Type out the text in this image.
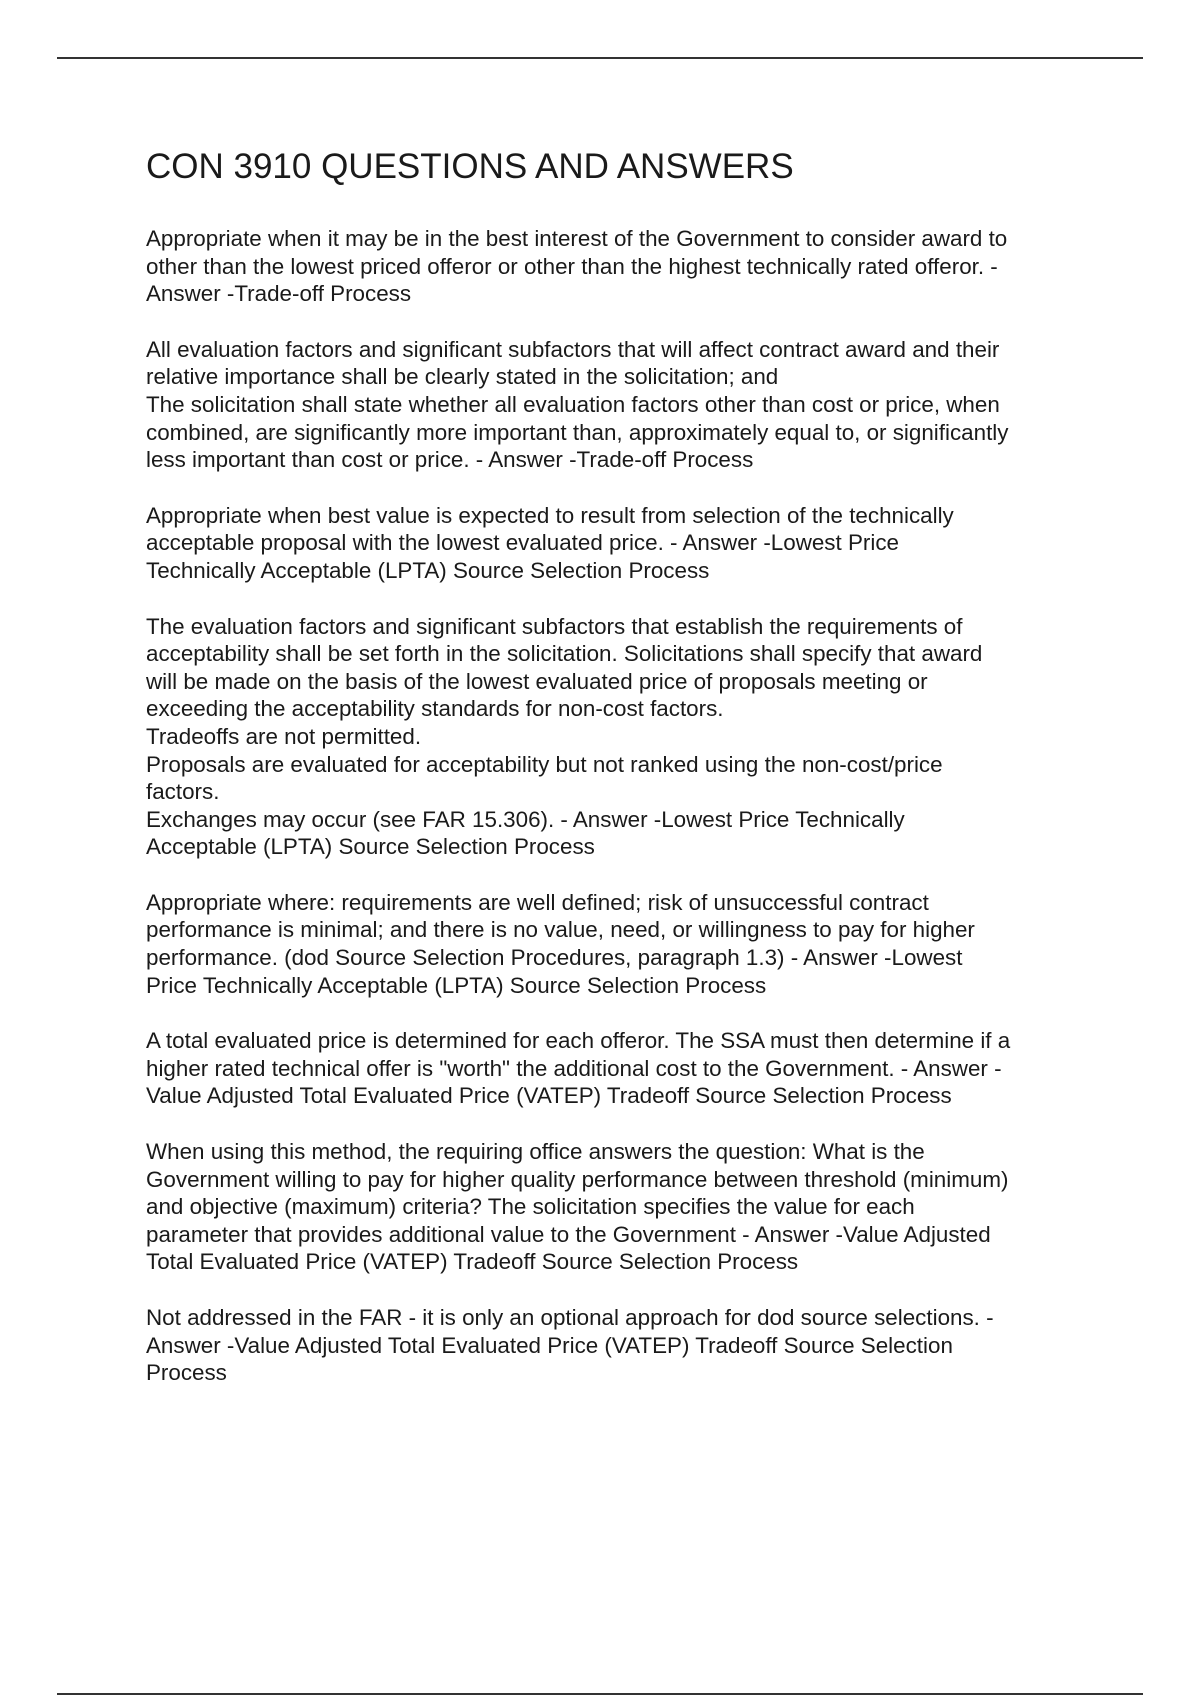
CON 3910 QUESTIONS AND ANSWERS

Appropriate when it may be in the best interest of the Government to consider award to
other than the lowest priced offeror or other than the highest technically rated offeror. -
Answer -Trade-off Process

All evaluation factors and significant subfactors that will affect contract award and their
relative importance shall be clearly stated in the solicitation; and
The solicitation shall state whether all evaluation factors other than cost or price, when
combined, are significantly more important than, approximately equal to, or significantly
less important than cost or price. - Answer -Trade-off Process

Appropriate when best value is expected to result from selection of the technically
acceptable proposal with the lowest evaluated price. - Answer -Lowest Price
Technically Acceptable (LPTA) Source Selection Process

The evaluation factors and significant subfactors that establish the requirements of
acceptability shall be set forth in the solicitation. Solicitations shall specify that award
will be made on the basis of the lowest evaluated price of proposals meeting or
exceeding the acceptability standards for non-cost factors.
Tradeoffs are not permitted.
Proposals are evaluated for acceptability but not ranked using the non-cost/price
factors.
Exchanges may occur (see FAR 15.306). - Answer -Lowest Price Technically
Acceptable (LPTA) Source Selection Process

Appropriate where: requirements are well defined; risk of unsuccessful contract
performance is minimal; and there is no value, need, or willingness to pay for higher
performance. (dod Source Selection Procedures, paragraph 1.3) - Answer -Lowest
Price Technically Acceptable (LPTA) Source Selection Process

A total evaluated price is determined for each offeror. The SSA must then determine if a
higher rated technical offer is "worth" the additional cost to the Government. - Answer -
Value Adjusted Total Evaluated Price (VATEP) Tradeoff Source Selection Process

When using this method, the requiring office answers the question: What is the
Government willing to pay for higher quality performance between threshold (minimum)
and objective (maximum) criteria? The solicitation specifies the value for each
parameter that provides additional value to the Government - Answer -Value Adjusted
Total Evaluated Price (VATEP) Tradeoff Source Selection Process

Not addressed in the FAR - it is only an optional approach for dod source selections. -
Answer -Value Adjusted Total Evaluated Price (VATEP) Tradeoff Source Selection
Process
